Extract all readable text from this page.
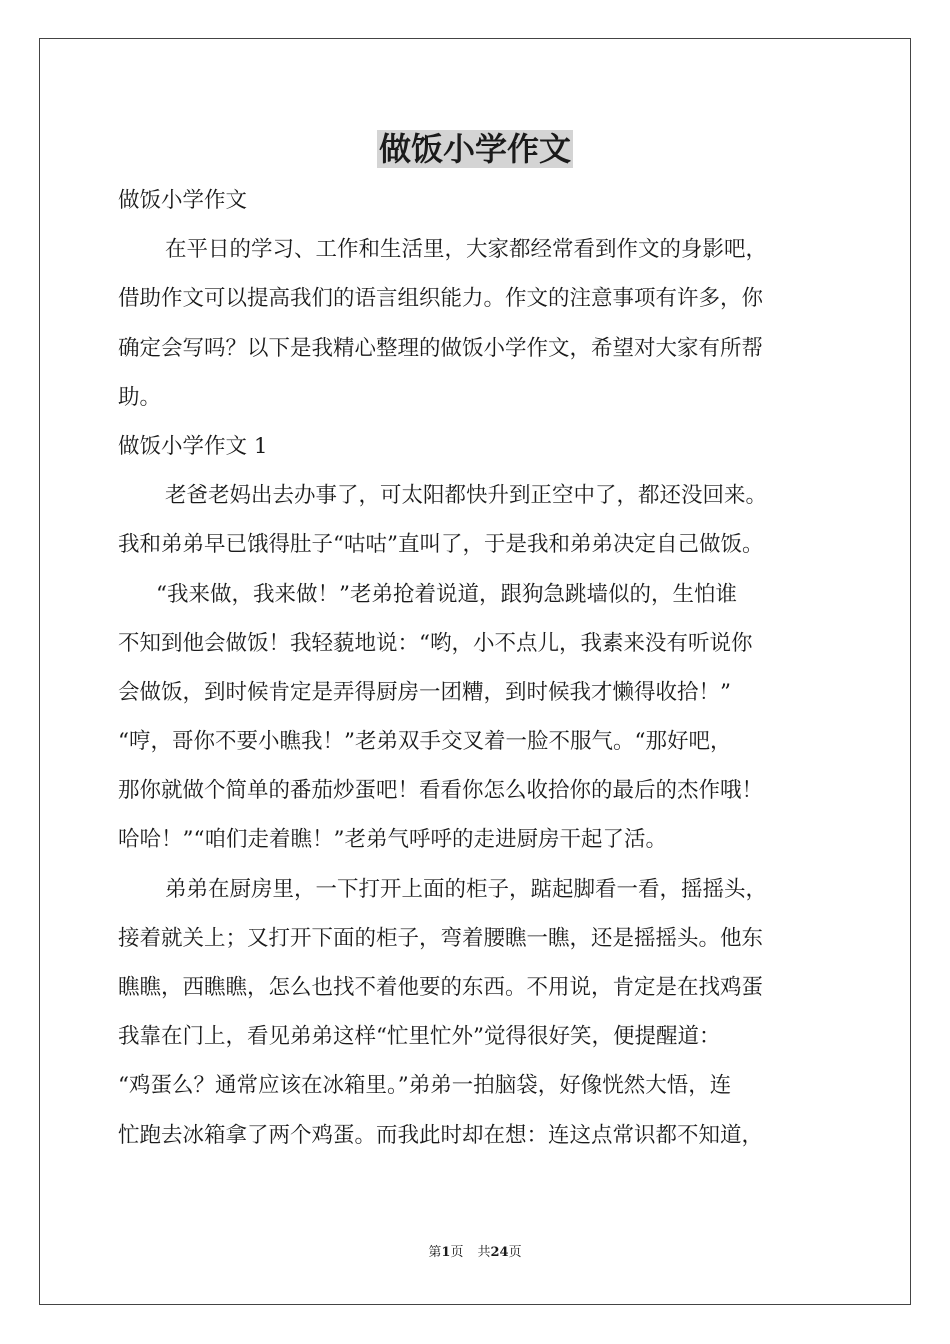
做饭小学作文
做饭小学作文
在平日的学习、工作和生活里，大家都经常看到作文的身影吧，
借助作文可以提高我们的语言组织能力。作文的注意事项有许多，你
确定会写吗？以下是我精心整理的做饭小学作文，希望对大家有所帮
助。
做饭小学作文 1
老爸老妈出去办事了，可太阳都快升到正空中了，都还没回来。
我和弟弟早已饿得肚子“咕咕”直叫了，于是我和弟弟决定自己做饭。
“我来做，我来做！”老弟抢着说道，跟狗急跳墙似的，生怕谁
不知到他会做饭！我轻藐地说：“哟，小不点儿，我素来没有听说你
会做饭，到时候肯定是弄得厨房一团糟，到时候我才懒得收拾！”
“哼，哥你不要小瞧我！”老弟双手交叉着一脸不服气。“那好吧，
那你就做个简单的番茄炒蛋吧！看看你怎么收拾你的最后的杰作哦！
哈哈！”“咱们走着瞧！”老弟气呼呼的走进厨房干起了活。
弟弟在厨房里，一下打开上面的柜子，踮起脚看一看，摇摇头，
接着就关上；又打开下面的柜子，弯着腰瞧一瞧，还是摇摇头。他东
瞧瞧，西瞧瞧，怎么也找不着他要的东西。不用说，肯定是在找鸡蛋
我靠在门上，看见弟弟这样“忙里忙外”觉得很好笑，便提醒道：
“鸡蛋么？通常应该在冰箱里。”弟弟一拍脑袋，好像恍然大悟，连
忙跑去冰箱拿了两个鸡蛋。而我此时却在想：连这点常识都不知道，
第1页 共24页
